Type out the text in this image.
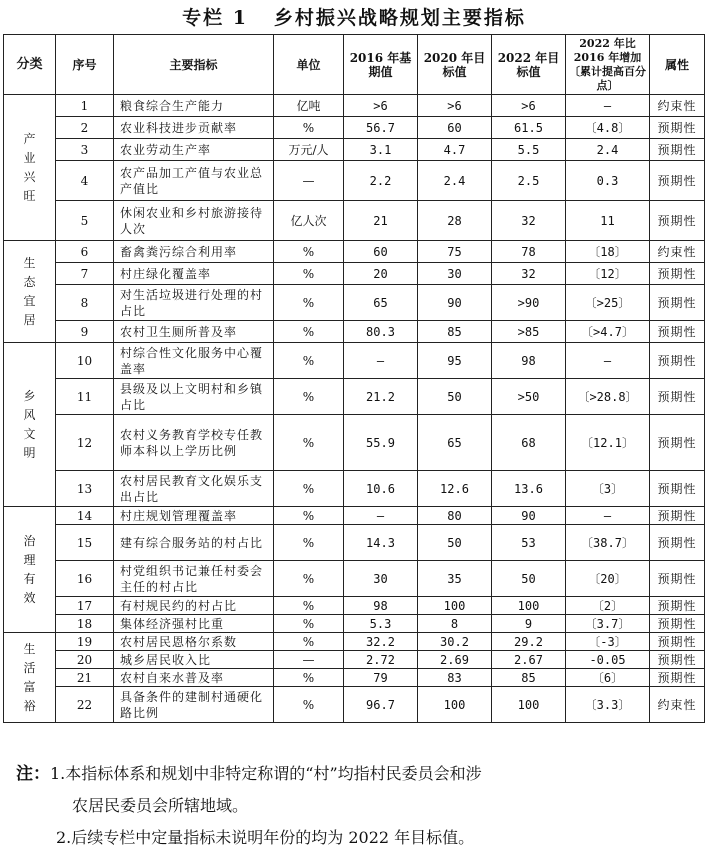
专栏 1   乡村振兴战略规划主要指标
分类	序号	主要指标	单位	2016 年基期值	2020 年目标值	2022 年目标值	2022 年比 2016 年增加〔累计提高百分点〕	属性
产业兴旺	1	粮食综合生产能力	亿吨	>6	>6	>6	—	约束性
	2	农业科技进步贡献率	%	56.7	60	61.5	〔4.8〕	预期性
	3	农业劳动生产率	万元/人	3.1	4.7	5.5	2.4	预期性
	4	农产品加工产值与农业总产值比	—	2.2	2.4	2.5	0.3	预期性
	5	休闲农业和乡村旅游接待人次	亿人次	21	28	32	11	预期性
生态宜居	6	畜禽粪污综合利用率	%	60	75	78	〔18〕	约束性
	7	村庄绿化覆盖率	%	20	30	32	〔12〕	预期性
	8	对生活垃圾进行处理的村占比	%	65	90	>90	〔>25〕	预期性
	9	农村卫生厕所普及率	%	80.3	85	>85	〔>4.7〕	预期性
乡风文明	10	村综合性文化服务中心覆盖率	%	—	95	98	—	预期性
	11	县级及以上文明村和乡镇占比	%	21.2	50	>50	〔>28.8〕	预期性
	12	农村义务教育学校专任教师本科以上学历比例	%	55.9	65	68	〔12.1〕	预期性
	13	农村居民教育文化娱乐支出占比	%	10.6	12.6	13.6	〔3〕	预期性
治理有效	14	村庄规划管理覆盖率	%	—	80	90	—	预期性
	15	建有综合服务站的村占比	%	14.3	50	53	〔38.7〕	预期性
	16	村党组织书记兼任村委会主任的村占比	%	30	35	50	〔20〕	预期性
	17	有村规民约的村占比	%	98	100	100	〔2〕	预期性
	18	集体经济强村比重	%	5.3	8	9	〔3.7〕	预期性
生活富裕	19	农村居民恩格尔系数	%	32.2	30.2	29.2	〔-3〕	预期性
	20	城乡居民收入比	—	2.72	2.69	2.67	-0.05	预期性
	21	农村自来水普及率	%	79	83	85	〔6〕	预期性
	22	具备条件的建制村通硬化路比例	%	96.7	100	100	〔3.3〕	约束性
注：1.本指标体系和规划中非特定称谓的“村”均指村民委员会和涉
农居民委员会所辖地域。
2.后续专栏中定量指标未说明年份的均为 2022 年目标值。
